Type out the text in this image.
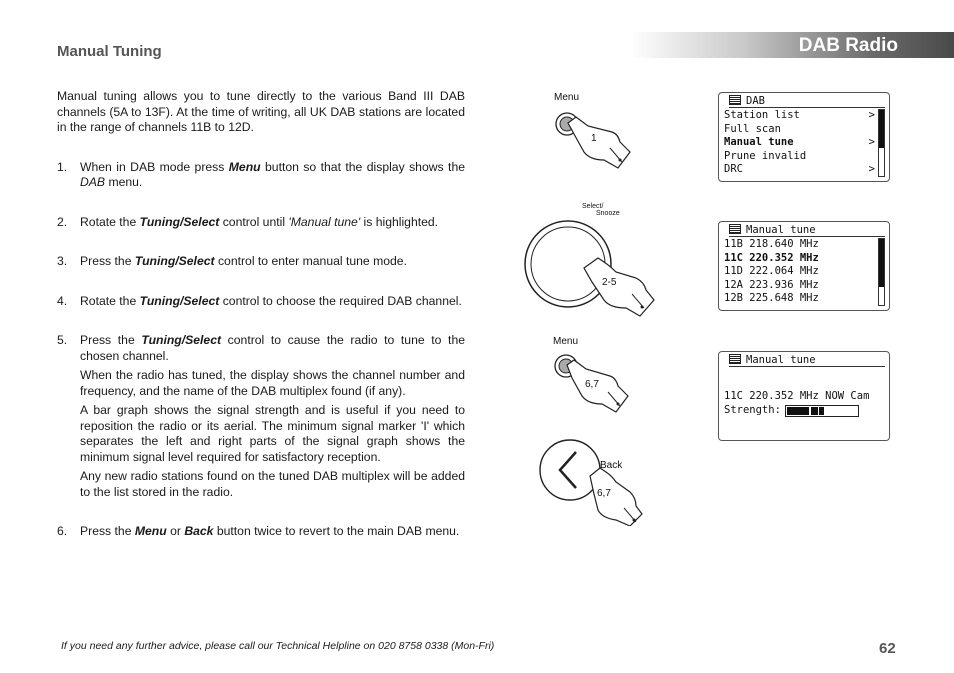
DAB Radio
Manual Tuning

Manual tuning allows you to tune directly to the various Band III DAB channels (5A to 13F). At the time of writing, all UK DAB stations are located in the range of channels 11B to 12D.

1. When in DAB mode press Menu button so that the display shows the DAB menu.

2. Rotate the Tuning/Select control until 'Manual tune' is highlighted.

3. Press the Tuning/Select control to enter manual tune mode.

4. Rotate the Tuning/Select control to choose the required DAB channel.

5. Press the Tuning/Select control to cause the radio to tune to the chosen channel.

When the radio has tuned, the display shows the channel number and frequency, and the name of the DAB multiplex found (if any).

A bar graph shows the signal strength and is useful if you need to reposition the radio or its aerial. The minimum signal marker 'I' which separates the left and right parts of the signal graph shows the minimum signal level required for satisfactory reception.

Any new radio stations found on the tuned DAB multiplex will be added to the list stored in the radio.

6. Press the Menu or Back button twice to revert to the main DAB menu.

Menu
1
Select/
Snooze
2-5
Menu
6,7
Back
6,7
DAB
Station list	>
Full scan
Manual tune	>
Prune invalid
DRC	>
Manual tune
11B 218.640 MHz
11C 220.352 MHz
11D 222.064 MHz
12A 223.936 MHz
12B 225.648 MHz
Manual tune
11C 220.352 MHz NOW Cam
Strength:
If you need any further advice, please call our Technical Helpline on 020 8758 0338 (Mon-Fri)	62
